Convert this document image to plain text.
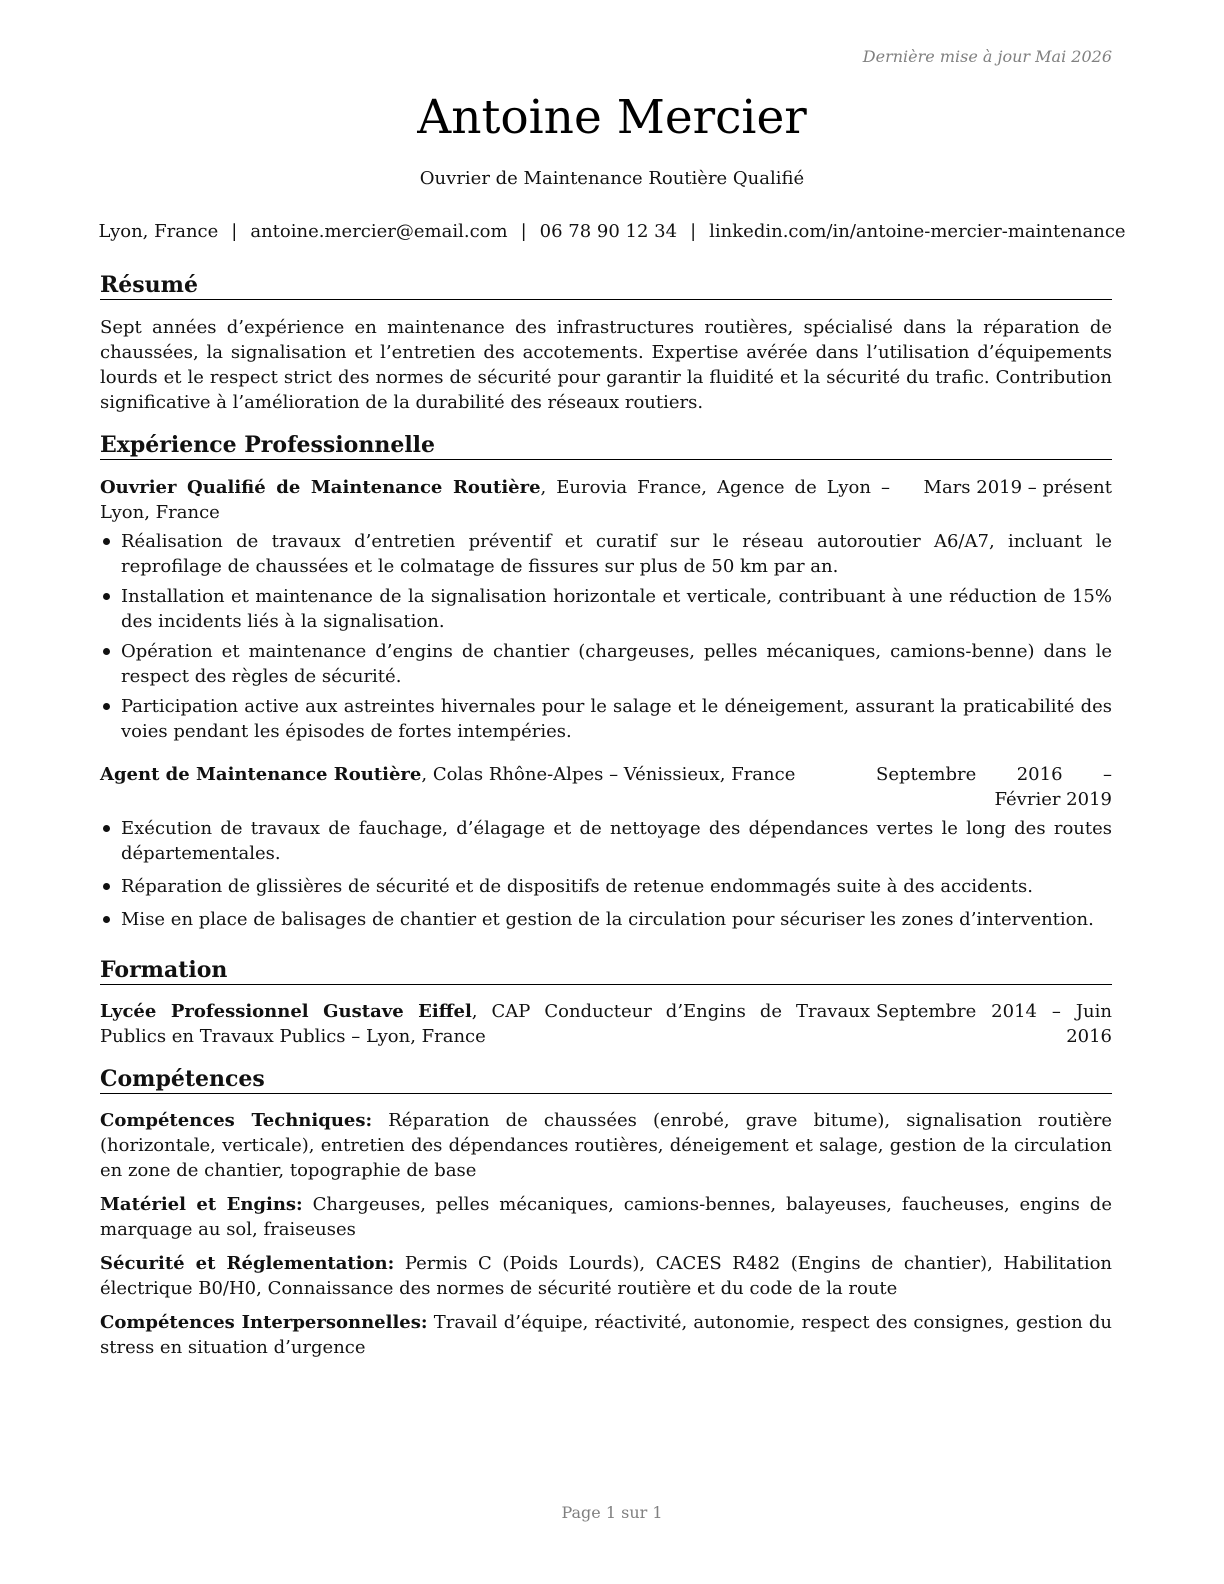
Dernière mise à jour Mai 2026
Antoine Mercier
Ouvrier de Maintenance Routière Qualifié
Lyon, France | antoine.mercier@email.com | 06 78 90 12 34 | linkedin.com/in/antoine-mercier-maintenance
Résumé

Sept années d’expérience en maintenance des infrastructures routières, spécialisé dans la réparation de chaussées, la signalisation et l’entretien des accotements. Expertise avérée dans l’utilisation d’équipements lourds et le respect strict des normes de sécurité pour garantir la fluidité et la sécurité du trafic. Contribution significative à l’amélioration de la durabilité des réseaux routiers.

Expérience Professionnelle
Ouvrier Qualifié de Maintenance Routière, Eurovia France, Agence de Lyon – Lyon, France
Mars 2019 – présent
Réalisation de travaux d’entretien préventif et curatif sur le réseau autoroutier A6/A7, incluant le reprofilage de chaussées et le colmatage de fissures sur plus de 50 km par an.
Installation et maintenance de la signalisation horizontale et verticale, contribuant à une réduction de 15% des incidents liés à la signalisation.
Opération et maintenance d’engins de chantier (chargeuses, pelles mécaniques, camions-benne) dans le respect des règles de sécurité.
Participation active aux astreintes hivernales pour le salage et le déneigement, assurant la praticabilité des voies pendant les épisodes de fortes intempéries.
Agent de Maintenance Routière, Colas Rhône-Alpes – Vénissieux, France	Septembre 2016 – Février 2019
Exécution de travaux de fauchage, d’élagage et de nettoyage des dépendances vertes le long des routes départementales.
Réparation de glissières de sécurité et de dispositifs de retenue endommagés suite à des accidents.
Mise en place de balisages de chantier et gestion de la circulation pour sécuriser les zones d’intervention.
Formation
Lycée Professionnel Gustave Eiffel, CAP Conducteur d’Engins de Travaux Publics en Travaux Publics – Lyon, France
Septembre 2014 – Juin 2016
Compétences
Compétences Techniques: Réparation de chaussées (enrobé, grave bitume), signalisation routière (horizontale, verticale), entretien des dépendances routières, déneigement et salage, gestion de la circulation en zone de chantier, topographie de base
Matériel et Engins: Chargeuses, pelles mécaniques, camions-bennes, balayeuses, faucheuses, engins de marquage au sol, fraiseuses
Sécurité et Réglementation: Permis C (Poids Lourds), CACES R482 (Engins de chantier), Habilitation électrique B0/H0, Connaissance des normes de sécurité routière et du code de la route
Compétences Interpersonnelles: Travail d’équipe, réactivité, autonomie, respect des consignes, gestion du stress en situation d’urgence
Page 1 sur 1
